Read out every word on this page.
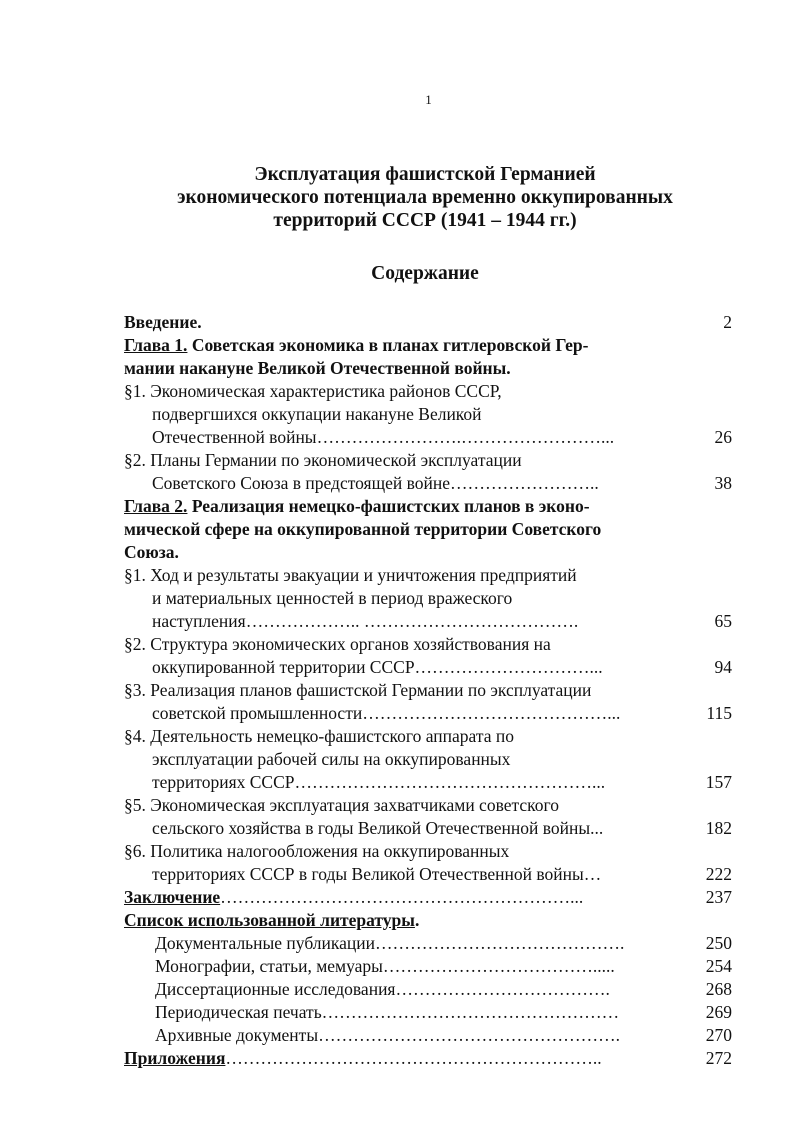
1
Эксплуатация фашистской Германией
экономического потенциала временно оккупированных
территорий СССР (1941 – 1944 гг.)
Содержание
Введение.	2
Глава 1. Советская экономика в планах гитлеровской Гер-
мании накануне Великой Отечественной войны.
§1. Экономическая характеристика районов СССР,
подвергшихся оккупации накануне Великой
Отечественной войны…………………….……………………...	26
§2. Планы Германии по экономической эксплуатации
Советского Союза в предстоящей войне……………………..	38
Глава 2. Реализация немецко-фашистских планов в эконо-
мической сфере на оккупированной территории Советского
Союза.
§1. Ход и результаты эвакуации и уничтожения предприятий
и материальных ценностей в период вражеского
наступления……………….. ……………………………….	65
§2. Структура экономических органов хозяйствования на
оккупированной территории СССР…………………………...	94
§3. Реализация планов фашистской Германии по эксплуатации
советской промышленности……………………………………...	115
§4. Деятельность немецко-фашистского аппарата по
эксплуатации рабочей силы на оккупированных
территориях СССР……………………………………………...	157
§5. Экономическая эксплуатация захватчиками советского
сельского хозяйства в годы Великой Отечественной войны...	182
§6. Политика налогообложения на оккупированных
территориях СССР в годы Великой Отечественной войны…	222
Заключение……………………………………………………...	237
Список использованной литературы.
Документальные публикации…………………………………….	250
Монографии, статьи, мемуары……………………………….....	254
Диссертационные исследования……………………………….	268
Периодическая печать……………………………………………	269
Архивные документы…………………………………………….	270
Приложения………………………………………………………..	272
